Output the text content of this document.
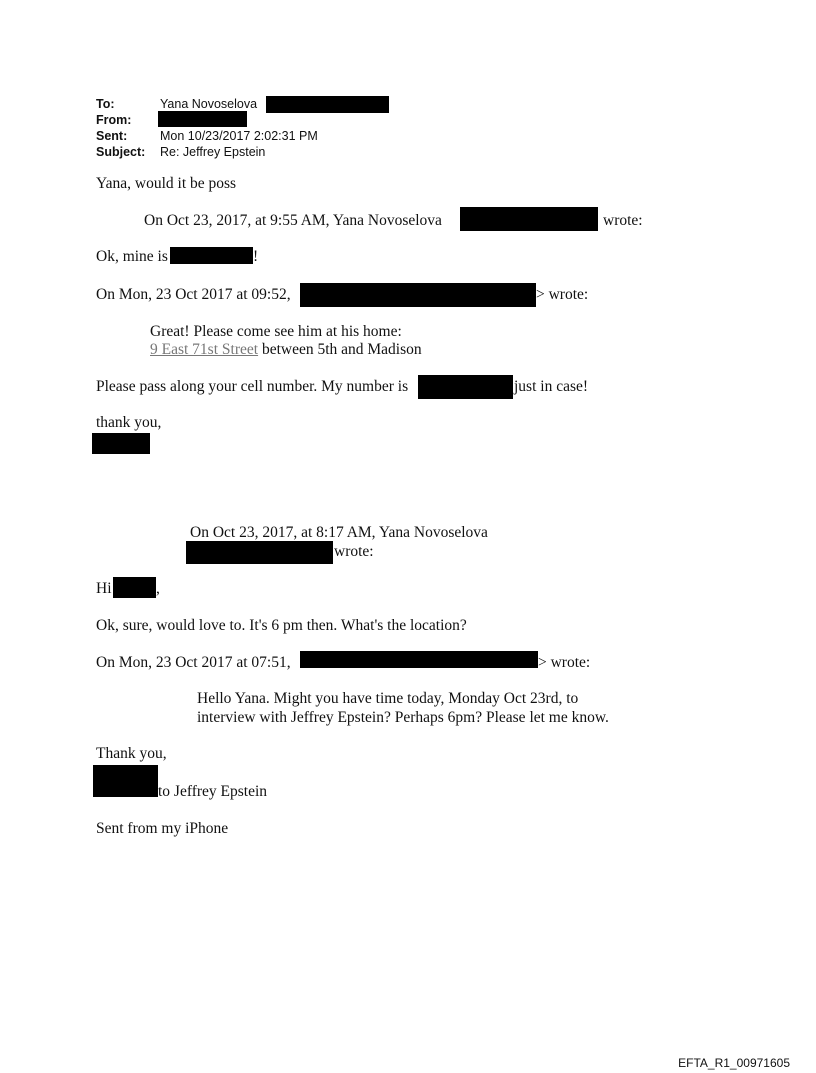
To:	Yana Novoselova
From:
Sent:	Mon 10/23/2017 2:02:31 PM
Subject: Re: Jeffrey Epstein
Yana, would it be poss
On Oct 23, 2017, at 9:55 AM, Yana Novoselova	wrote:
Ok, mine is	!
On Mon, 23 Oct 2017 at 09:52,	> wrote:
Great! Please come see him at his home:
9 East 71st Street between 5th and Madison
Please pass along your cell number. My number is	just in case!
thank you,
On Oct 23, 2017, at 8:17 AM, Yana Novoselova
wrote:
Hi	,
Ok, sure, would love to. It's 6 pm then. What's the location?
On Mon, 23 Oct 2017 at 07:51,	> wrote:
Hello Yana. Might you have time today, Monday Oct 23rd, to
interview with Jeffrey Epstein? Perhaps 6pm? Please let me know.
Thank you,
to Jeffrey Epstein
Sent from my iPhone
EFTA_R1_00971605
